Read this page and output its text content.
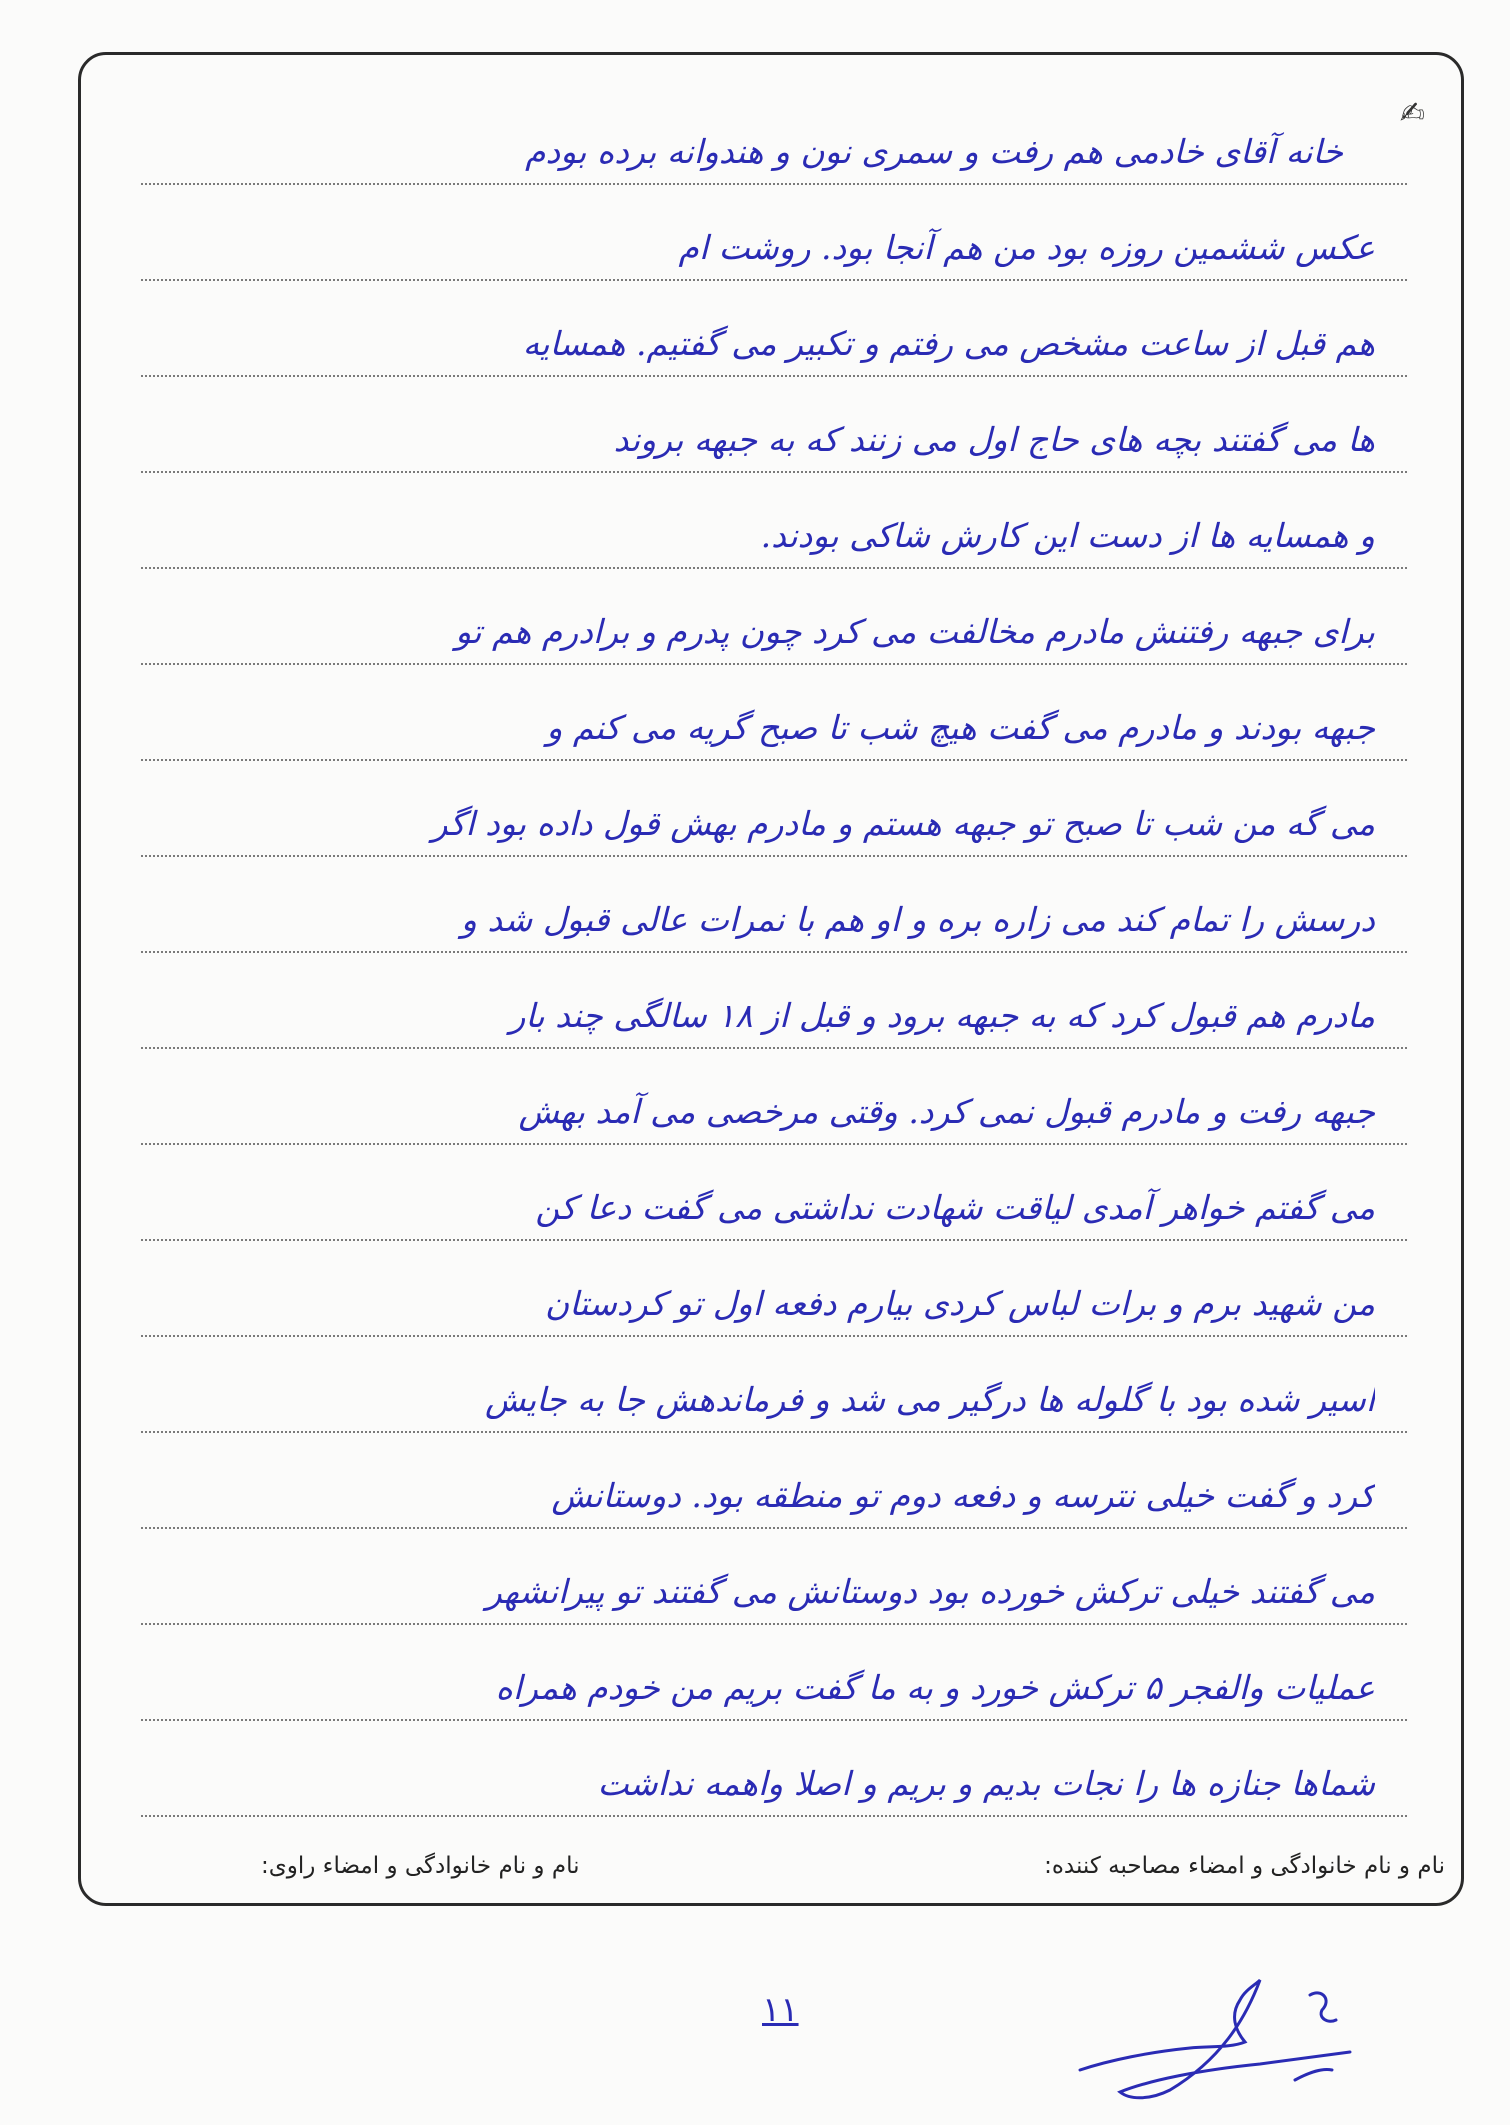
✍
خانه آقای خادمی هم رفت و سمری نون و هندوانه برده بودم
عکس ششمین روزه بود من هم آنجا بود. روشت ام
هم قبل از ساعت مشخص می رفتم و تکبیر می گفتیم. همسایه
ها می گفتند بچه های حاج اول می زنند که به جبهه بروند
و همسایه ها از دست این کارش شاکی بودند.
برای جبهه رفتنش مادرم مخالفت می کرد چون پدرم و برادرم هم تو
جبهه بودند و مادرم می گفت هیچ شب تا صبح گریه می کنم و
می گه من شب تا صبح تو جبهه هستم و مادرم بهش قول داده بود اگر
درسش را تمام کند می زاره بره و او هم با نمرات عالی قبول شد و
مادرم هم قبول کرد که به جبهه برود و قبل از ۱۸ سالگی چند بار
جبهه رفت و مادرم قبول نمی کرد. وقتی مرخصی می آمد بهش
می گفتم خواهر آمدی لیاقت شهادت نداشتی می گفت دعا کن
من شهید برم و برات لباس کردی بیارم دفعه اول تو کردستان
اسیر شده بود با گلوله ها درگیر می شد و فرماندهش جا به جایش
کرد و گفت خیلی نترسه و دفعه دوم تو منطقه بود. دوستانش
می گفتند خیلی ترکش خورده بود دوستانش می گفتند تو پیرانشهر
عملیات والفجر ۵ ترکش خورد و به ما گفت بریم من خودم همراه
شماها جنازه ها را نجات بدیم و بریم و اصلا واهمه نداشت
نام و نام خانوادگی و امضاء مصاحبه کننده:
نام و نام خانوادگی و امضاء راوی:
۱۱
